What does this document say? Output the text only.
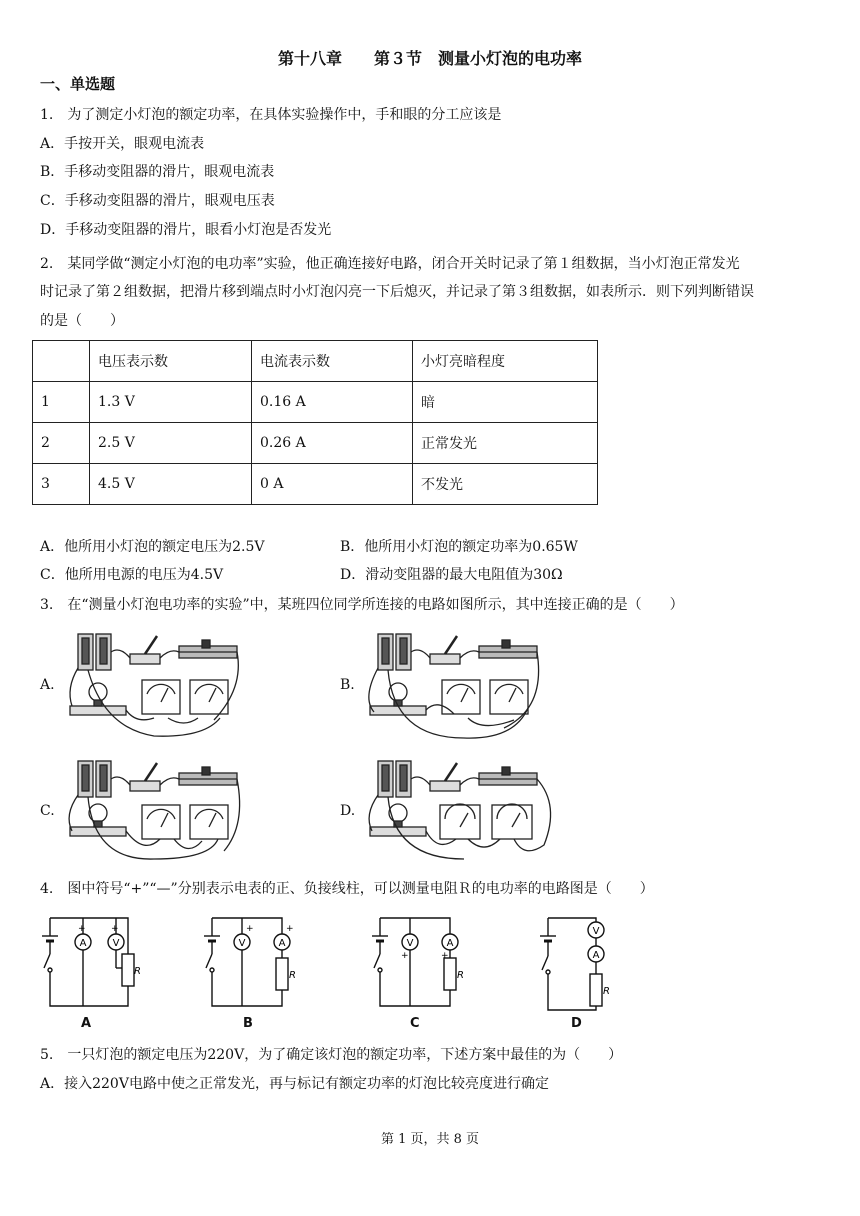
第十八章　　第３节　测量小灯泡的电功率
一、单选题
1.　为了测定小灯泡的额定功率，在具体实验操作中，手和眼的分工应该是
A．手按开关，眼观电流表
B．手移动变阻器的滑片，眼观电流表
C．手移动变阻器的滑片，眼观电压表
D．手移动变阻器的滑片，眼看小灯泡是否发光
2.　某同学做“测定小灯泡的电功率”实验，他正确连接好电路，闭合开关时记录了第１组数据，当小灯泡正常发光
时记录了第２组数据，把滑片移到端点时小灯泡闪亮一下后熄灭，并记录了第３组数据，如表所示．则下列判断错误
的是（　　）
	电压表示数	电流表示数	小灯亮暗程度
1	1.3 V	0.16 A	暗
2	2.5 V	0.26 A	正常发光
3	4.5 V	0 A	不发光
A．他所用小灯泡的额定电压为2.5V	B．他所用小灯泡的额定功率为0.65W
C．他所用电源的电压为4.5V	D．滑动变阻器的最大电阻值为30Ω
3.　在“测量小灯泡电功率的实验”中，某班四位同学所连接的电路如图所示，其中连接正确的是（　　）
A.	B.
C.	D.
4.　图中符号“+”“—”分别表示电表的正、负接线柱，可以测量电阻Ｒ的电功率的电路图是（　　）
A	V
+	+
R
V	A
+	+
R
V	A
+	+
R
V
A
R
A	B	C	D
5.　一只灯泡的额定电压为220V，为了确定该灯泡的额定功率，下述方案中最佳的为（　　）
A．接入220V电路中使之正常发光，再与标记有额定功率的灯泡比较亮度进行确定
第 1 页，共 8 页
